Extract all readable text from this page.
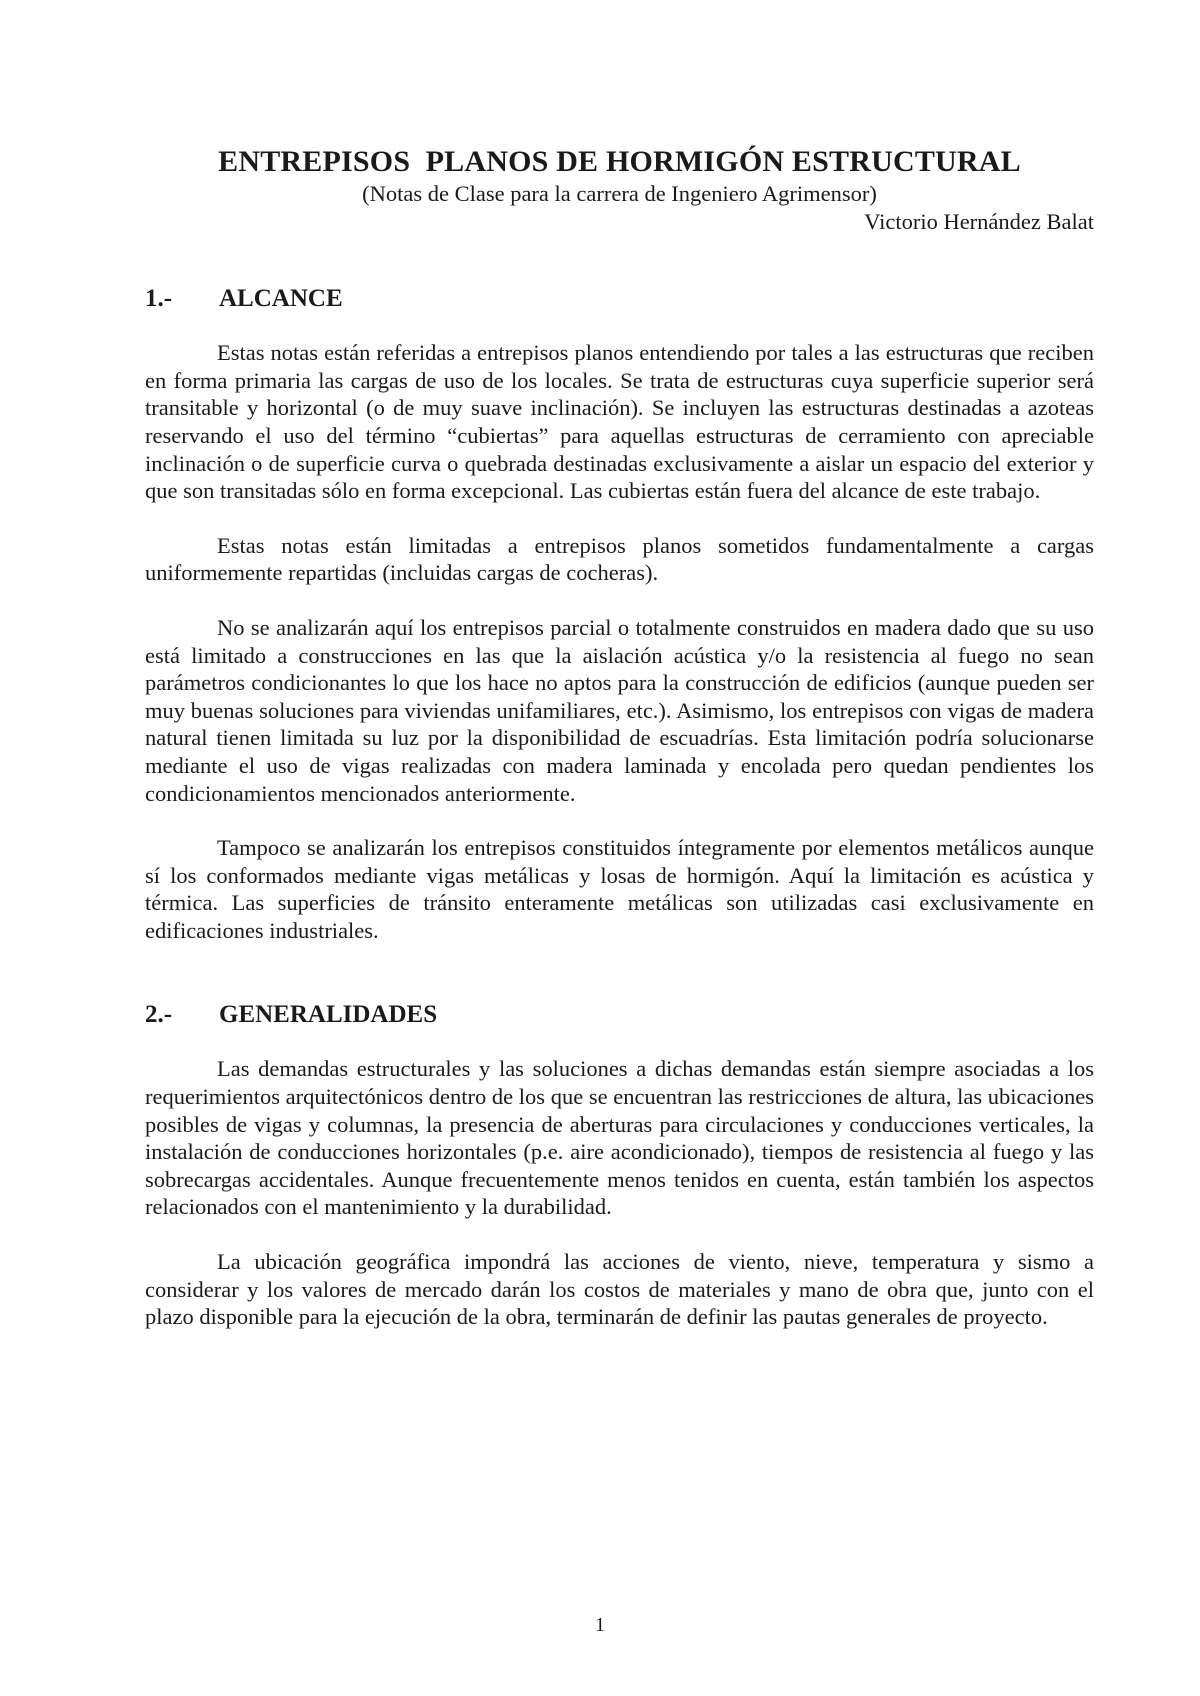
ENTREPISOS  PLANOS DE HORMIGÓN ESTRUCTURAL

(Notas de Clase para la carrera de Ingeniero Agrimensor)

Victorio Hernández Balat

1.-	ALCANCE

Estas notas están referidas a entrepisos planos entendiendo por tales a las estructuras que reciben en forma primaria las cargas de uso de los locales. Se trata de estructuras cuya superficie superior será transitable y horizontal (o de muy suave inclinación). Se incluyen las estructuras destinadas a azoteas reservando el uso del término “cubiertas” para aquellas estructuras de cerramiento con apreciable inclinación o de superficie curva o quebrada destinadas exclusivamente a aislar un espacio del exterior y que son transitadas sólo en forma excepcional. Las cubiertas están fuera del alcance de este trabajo.

Estas notas están limitadas a entrepisos planos sometidos fundamentalmente a cargas uniformemente repartidas (incluidas cargas de cocheras).

No se analizarán aquí los entrepisos parcial o totalmente construidos en madera dado que su uso está limitado a construcciones en las que la aislación acústica y/o la resistencia al fuego no sean parámetros condicionantes lo que los hace no aptos para la construcción de edificios (aunque pueden ser muy buenas soluciones para viviendas unifamiliares, etc.). Asimismo, los entrepisos con vigas de madera natural tienen limitada su luz por la disponibilidad de escuadrías. Esta limitación podría solucionarse mediante el uso de vigas realizadas con madera laminada y encolada pero quedan pendientes los condicionamientos mencionados anteriormente.

Tampoco se analizarán los entrepisos constituidos íntegramente por elementos metálicos aunque sí los conformados mediante vigas metálicas y losas de hormigón. Aquí la limitación es acústica y térmica. Las superficies de tránsito enteramente metálicas son utilizadas casi exclusivamente en edificaciones industriales.

2.-	GENERALIDADES

Las demandas estructurales y las soluciones a dichas demandas están siempre asociadas a los requerimientos arquitectónicos dentro de los que se encuentran las restricciones de altura, las ubicaciones posibles de vigas y columnas, la presencia de aberturas para circulaciones y conducciones verticales, la instalación de conducciones horizontales (p.e. aire acondicionado), tiempos de resistencia al fuego y las sobrecargas accidentales. Aunque frecuentemente menos tenidos en cuenta, están también los aspectos relacionados con el mantenimiento y la durabilidad.

La ubicación geográfica impondrá las acciones de viento, nieve, temperatura y sismo a considerar y los valores de mercado darán los costos de materiales y mano de obra que, junto con el plazo disponible para la ejecución de la obra, terminarán de definir las pautas generales de proyecto.

1
